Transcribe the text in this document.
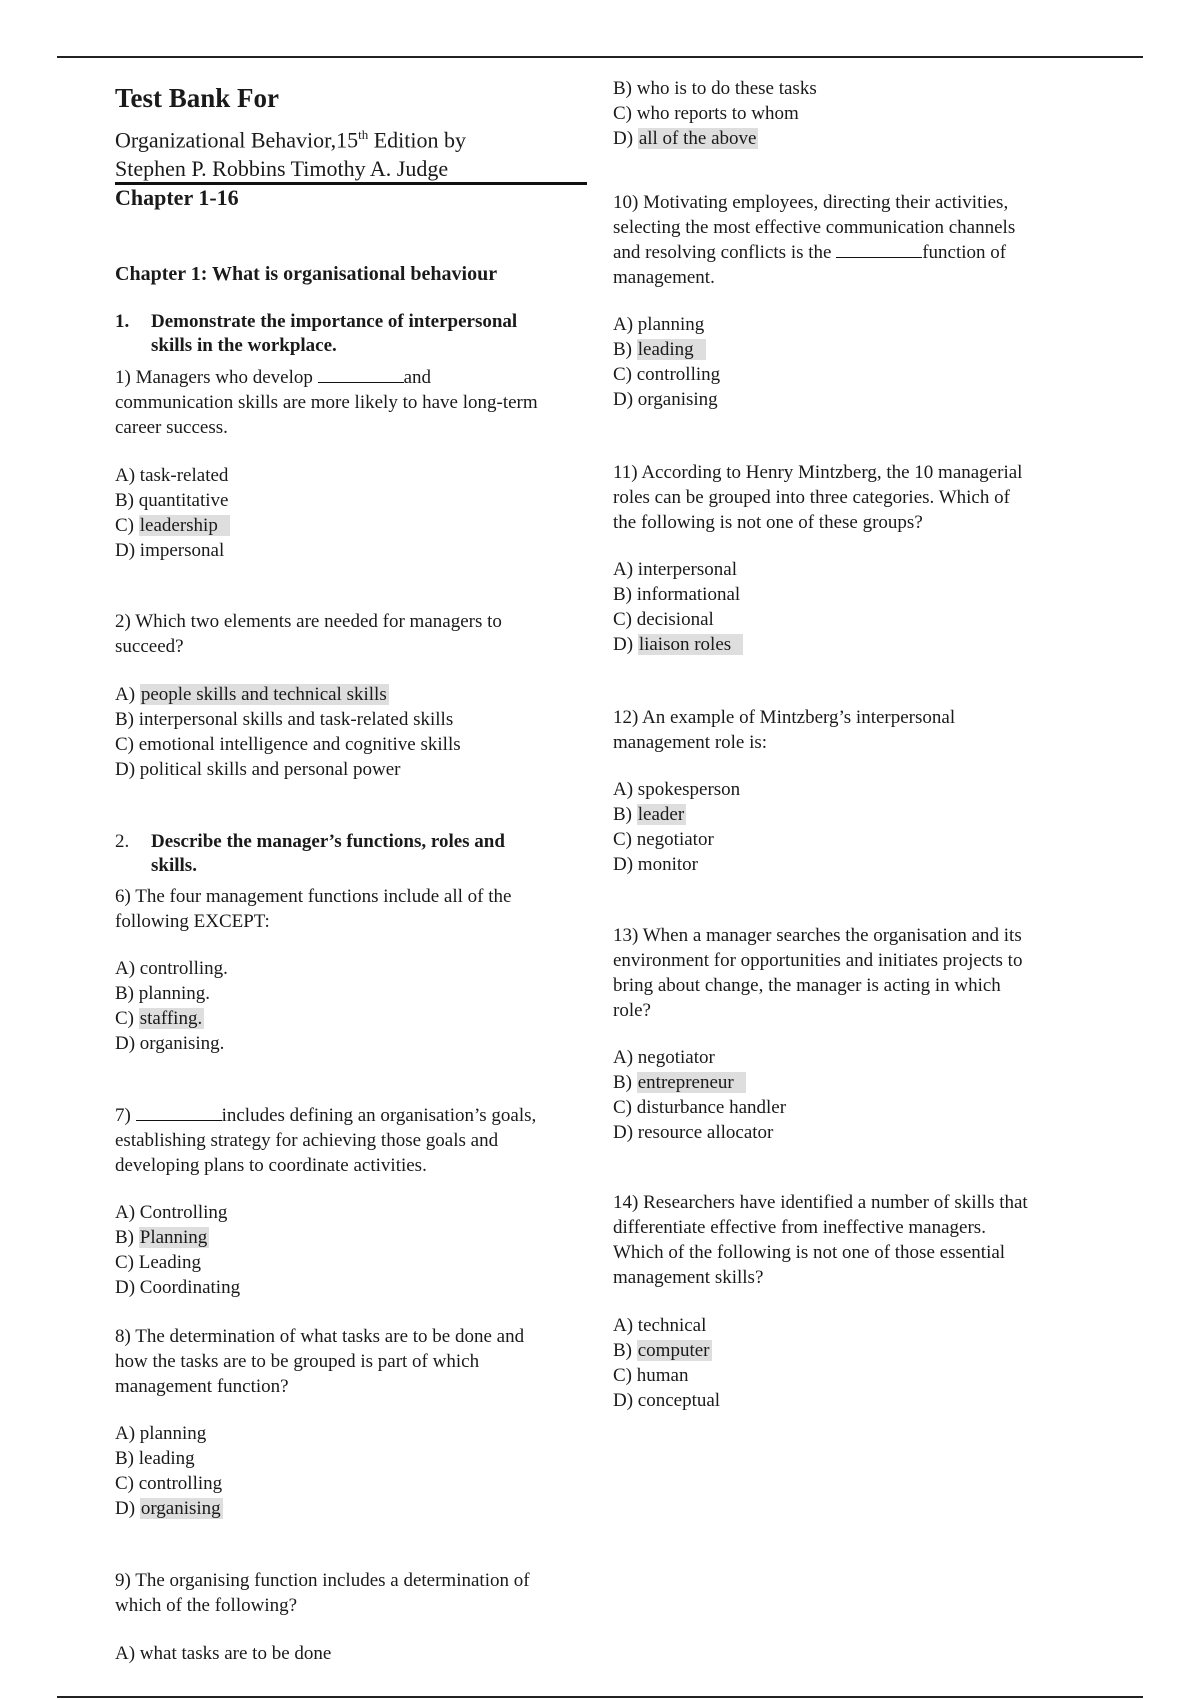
Test Bank For
Organizational Behavior,15th Edition by
Stephen P. Robbins Timothy A. Judge
Chapter 1-16
Chapter 1: What is organisational behaviour
1. Demonstrate the importance of interpersonal
skills in the workplace.
1) Managers who develop	and
communication skills are more likely to have long-term
career success.
A) task-related
B) quantitative
C) leadership
D) impersonal
2) Which two elements are needed for managers to
succeed?
A) people skills and technical skills
B) interpersonal skills and task-related skills
C) emotional intelligence and cognitive skills
D) political skills and personal power
2. Describe the manager’s functions, roles and
skills.
6) The four management functions include all of the
following EXCEPT:
A) controlling.
B) planning.
C) staffing.
D) organising.
7)	includes defining an organisation’s goals,
establishing strategy for achieving those goals and
developing plans to coordinate activities.
A) Controlling
B) Planning
C) Leading
D) Coordinating
8) The determination of what tasks are to be done and
how the tasks are to be grouped is part of which
management function?
A) planning
B) leading
C) controlling
D) organising
9) The organising function includes a determination of
which of the following?
A) what tasks are to be done
B) who is to do these tasks
C) who reports to whom
D) all of the above
10) Motivating employees, directing their activities,
selecting the most effective communication channels
and resolving conflicts is the	function of
management.
A) planning
B) leading
C) controlling
D) organising
11) According to Henry Mintzberg, the 10 managerial
roles can be grouped into three categories. Which of
the following is not one of these groups?
A) interpersonal
B) informational
C) decisional
D) liaison roles
12) An example of Mintzberg’s interpersonal
management role is:
A) spokesperson
B) leader
C) negotiator
D) monitor
13) When a manager searches the organisation and its
environment for opportunities and initiates projects to
bring about change, the manager is acting in which
role?
A) negotiator
B) entrepreneur
C) disturbance handler
D) resource allocator
14) Researchers have identified a number of skills that
differentiate effective from ineffective managers.
Which of the following is not one of those essential
management skills?
A) technical
B) computer
C) human
D) conceptual
